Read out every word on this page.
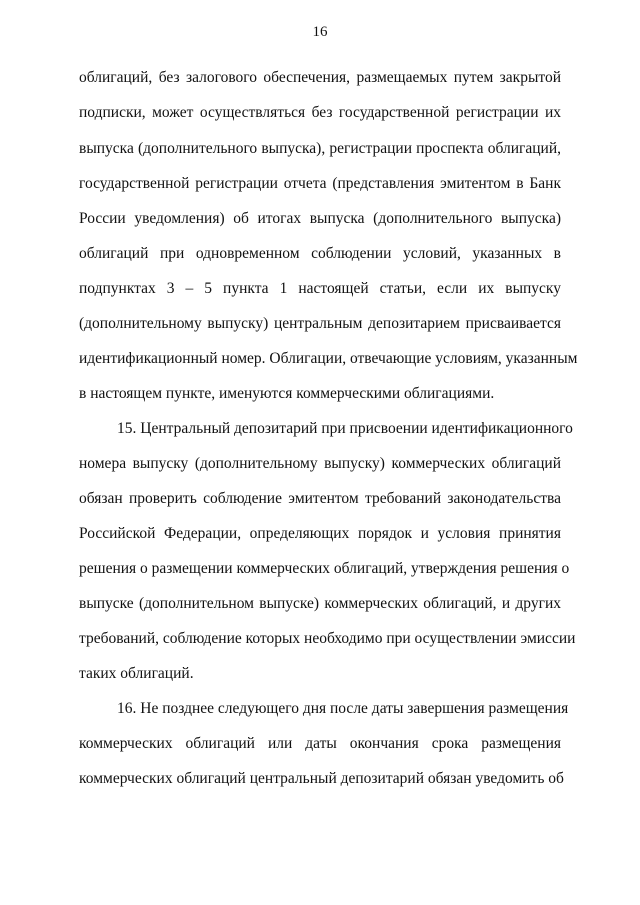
16
облигаций, без залогового обеспечения, размещаемых путем закрытой
подписки, может осуществляться без государственной регистрации их
выпуска (дополнительного выпуска), регистрации проспекта облигаций,
государственной регистрации отчета (представления эмитентом в Банк
России уведомления) об итогах выпуска (дополнительного выпуска)
облигаций при одновременном соблюдении условий, указанных в
подпунктах 3 – 5 пункта 1 настоящей статьи, если их выпуску
(дополнительному выпуску) центральным депозитарием присваивается
идентификационный номер. Облигации, отвечающие условиям, указанным
в настоящем пункте, именуются коммерческими облигациями.
15. Центральный депозитарий при присвоении идентификационного
номера выпуску (дополнительному выпуску) коммерческих облигаций
обязан проверить соблюдение эмитентом требований законодательства
Российской Федерации, определяющих порядок и условия принятия
решения о размещении коммерческих облигаций, утверждения решения о
выпуске (дополнительном выпуске) коммерческих облигаций, и других
требований, соблюдение которых необходимо при осуществлении эмиссии
таких облигаций.
16. Не позднее следующего дня после даты завершения размещения
коммерческих облигаций или даты окончания срока размещения
коммерческих облигаций центральный депозитарий обязан уведомить об
